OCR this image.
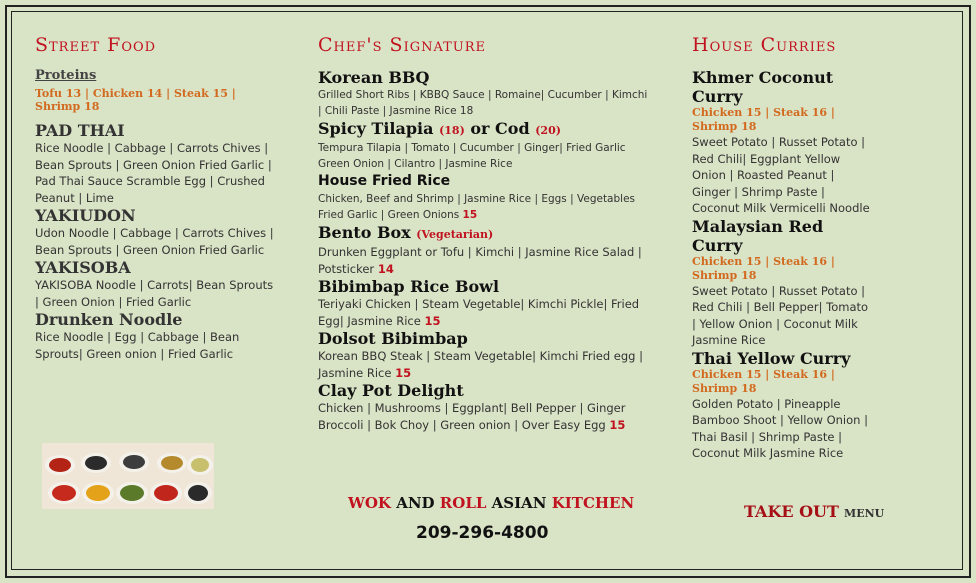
Street Food
Proteins
Tofu 13 | Chicken 14 | Steak 15 | Shrimp 18
PAD THAI
Rice Noodle | Cabbage | Carrots Chives | Bean Sprouts | Green Onion Fried Garlic | Pad Thai Sauce Scramble Egg | Crushed Peanut | Lime
YAKIUDON
Udon Noodle | Cabbage | Carrots Chives | Bean Sprouts | Green Onion Fried Garlic
YAKISOBA
YAKISOBA Noodle | Carrots| Bean Sprouts | Green Onion | Fried Garlic
Drunken Noodle
Rice Noodle | Egg | Cabbage | Bean Sprouts| Green onion | Fried Garlic
Chef's Signature
Korean BBQ
Grilled Short Ribs | KBBQ Sauce | Romaine| Cucumber | Kimchi | Chili Paste | Jasmine Rice 18
Spicy Tilapia (18) or Cod (20)
Tempura Tilapia | Tomato | Cucumber | Ginger| Fried Garlic Green Onion | Cilantro | Jasmine Rice
House Fried Rice
Chicken, Beef and Shrimp | Jasmine Rice | Eggs | Vegetables Fried Garlic | Green Onions 15
Bento Box (Vegetarian)
Drunken Eggplant or Tofu | Kimchi | Jasmine Rice Salad | Potsticker 14
Bibimbap Rice Bowl
Teriyaki Chicken | Steam Vegetable| Kimchi Pickle| Fried Egg| Jasmine Rice 15
Dolsot Bibimbap
Korean BBQ Steak | Steam Vegetable| Kimchi Fried egg | Jasmine Rice 15
Clay Pot Delight
Chicken | Mushrooms | Eggplant| Bell Pepper | Ginger Broccoli | Bok Choy | Green onion | Over Easy Egg 15
House Curries
Khmer Coconut Curry
Chicken 15 | Steak 16 | Shrimp 18
Sweet Potato | Russet Potato | Red Chili| Eggplant Yellow Onion | Roasted Peanut | Ginger | Shrimp Paste | Coconut Milk Vermicelli Noodle
Malaysian Red Curry
Chicken 15 | Steak 16 | Shrimp 18
Sweet Potato | Russet Potato | Red Chili | Bell Pepper| Tomato | Yellow Onion | Coconut Milk Jasmine Rice
Thai Yellow Curry
Chicken 15 | Steak 16 | Shrimp 18
Golden Potato | Pineapple Bamboo Shoot | Yellow Onion | Thai Basil | Shrimp Paste | Coconut Milk Jasmine Rice
WOK AND ROLL ASIAN KITCHEN
209-296-4800
TAKE OUT MENU
